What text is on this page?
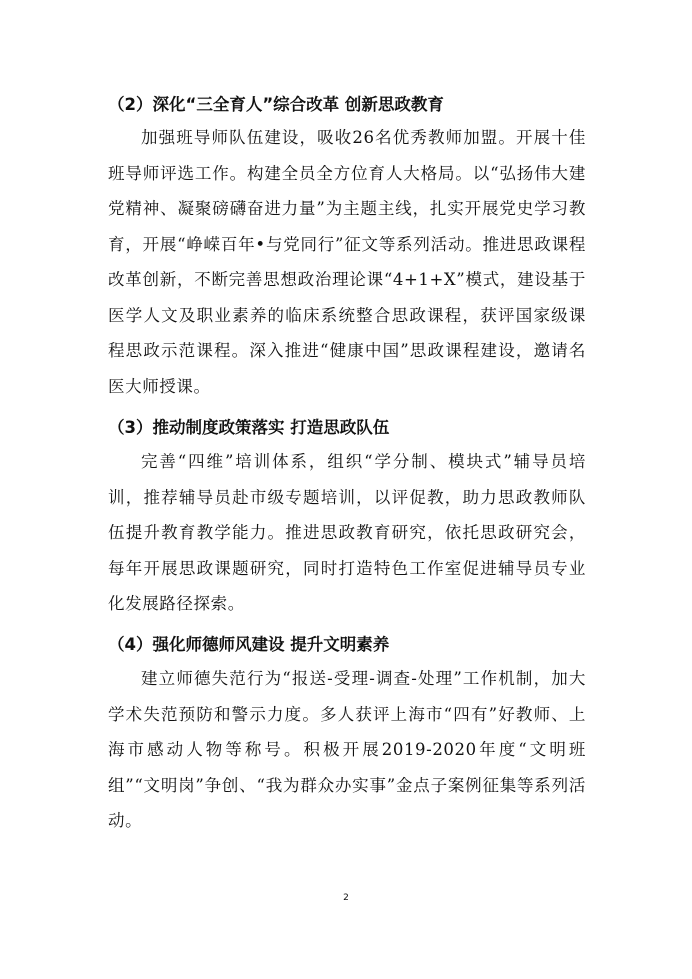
（2）深化“三全育人”综合改革 创新思政教育
加强班导师队伍建设，吸收26名优秀教师加盟。开展十佳班导师评选工作。构建全员全方位育人大格局。以“弘扬伟大建党精神、凝聚磅礴奋进力量”为主题主线，扎实开展党史学习教育，开展“峥嵘百年•与党同行”征文等系列活动。推进思政课程改革创新，不断完善思想政治理论课“4+1+X”模式，建设基于医学人文及职业素养的临床系统整合思政课程，获评国家级课程思政示范课程。深入推进“健康中国”思政课程建设，邀请名医大师授课。
（3）推动制度政策落实 打造思政队伍
完善“四维”培训体系，组织“学分制、模块式”辅导员培训，推荐辅导员赴市级专题培训，以评促教，助力思政教师队伍提升教育教学能力。推进思政教育研究，依托思政研究会，每年开展思政课题研究，同时打造特色工作室促进辅导员专业化发展路径探索。
（4）强化师德师风建设 提升文明素养
建立师德失范行为“报送-受理-调查-处理”工作机制，加大学术失范预防和警示力度。多人获评上海市“四有”好教师、上海市感动人物等称号。积极开展2019-2020年度“文明班组”“文明岗”争创、“我为群众办实事”金点子案例征集等系列活动。
2
